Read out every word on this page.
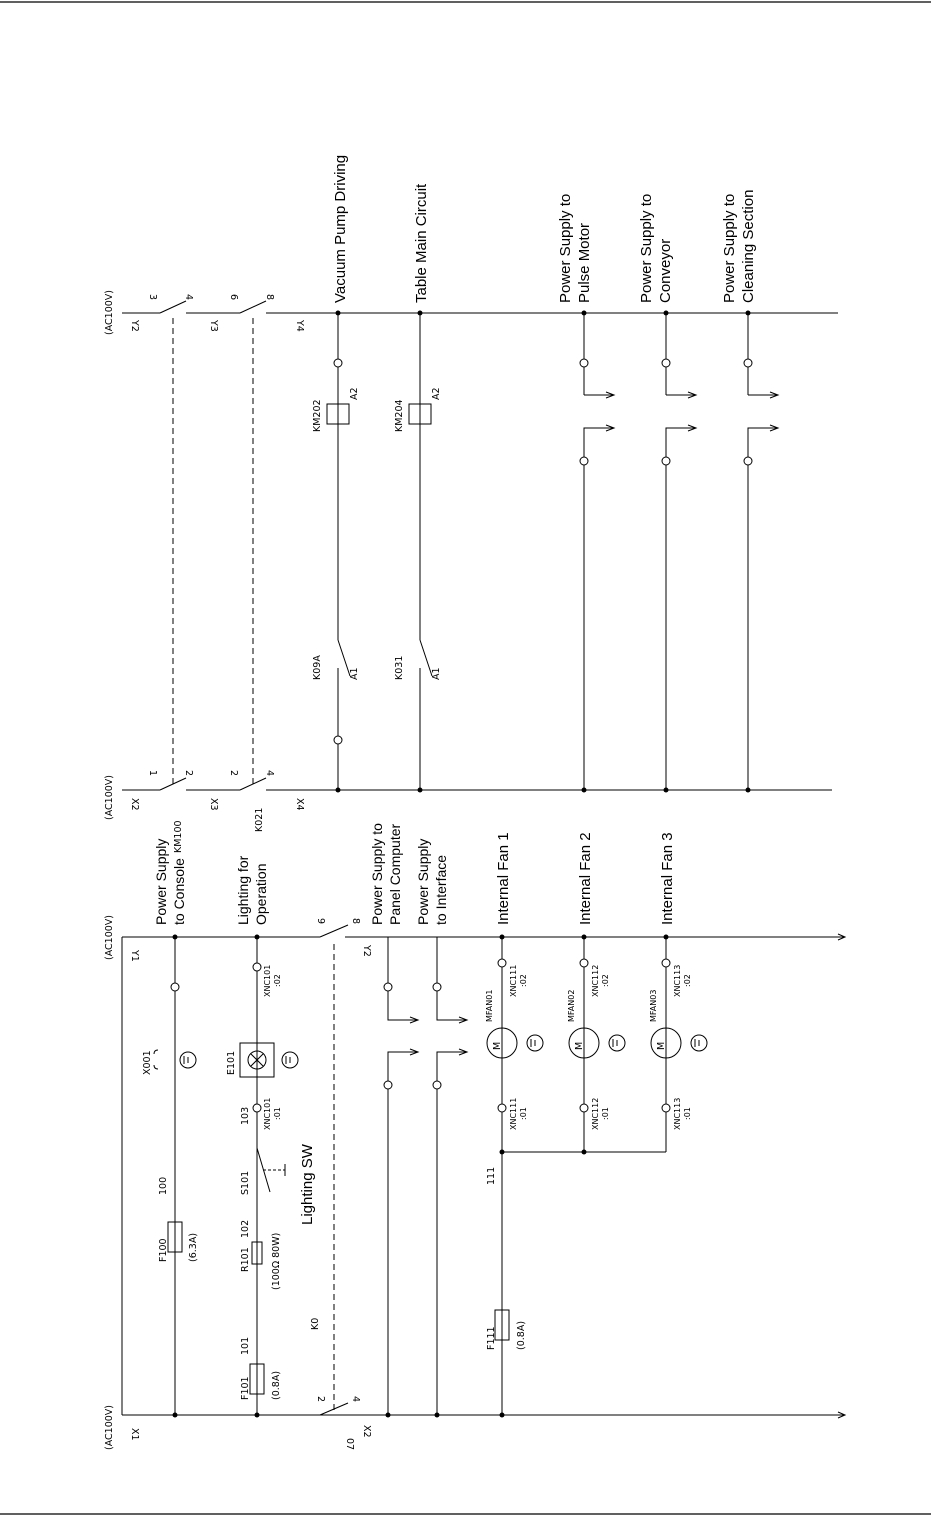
(AC100V)
(AC100V)
(AC100V)
(AC100V)
X1
Y1
X2
Y2
X3
Y3
X4
Y4
X2
Y2
07
4
2
9	8
1	2	2	4
3	4	6	8
K0
KM100
K021
Power Supply to Console	Lighting for Operation	Power Supply to Panel Computer Power Supply to Interface	Internal Fan 1	Internal Fan 2	Internal Fan 3
Lighting SW
F100 (6.3A)
100
F101 (0.8A)
101
R101 (100Ω 80W)
102
S101
103
X001	E101
XNC101 :01
XNC101 :02
F111 (0.8A)
111
MFAN01	MFAN02	MFAN03
XNC111 :01
XNC111 :02
XNC112 :01
XNC112 :02
XNC113 :01
XNC113 :02
M	M	M
Vacuum Pump Driving	Table Main Circuit	Power Supply to Pulse Motor	Power Supply to Conveyor	Power Supply to Cleaning Section
KM202	KM204
A2	A2
K09A	K031
A1	A1
